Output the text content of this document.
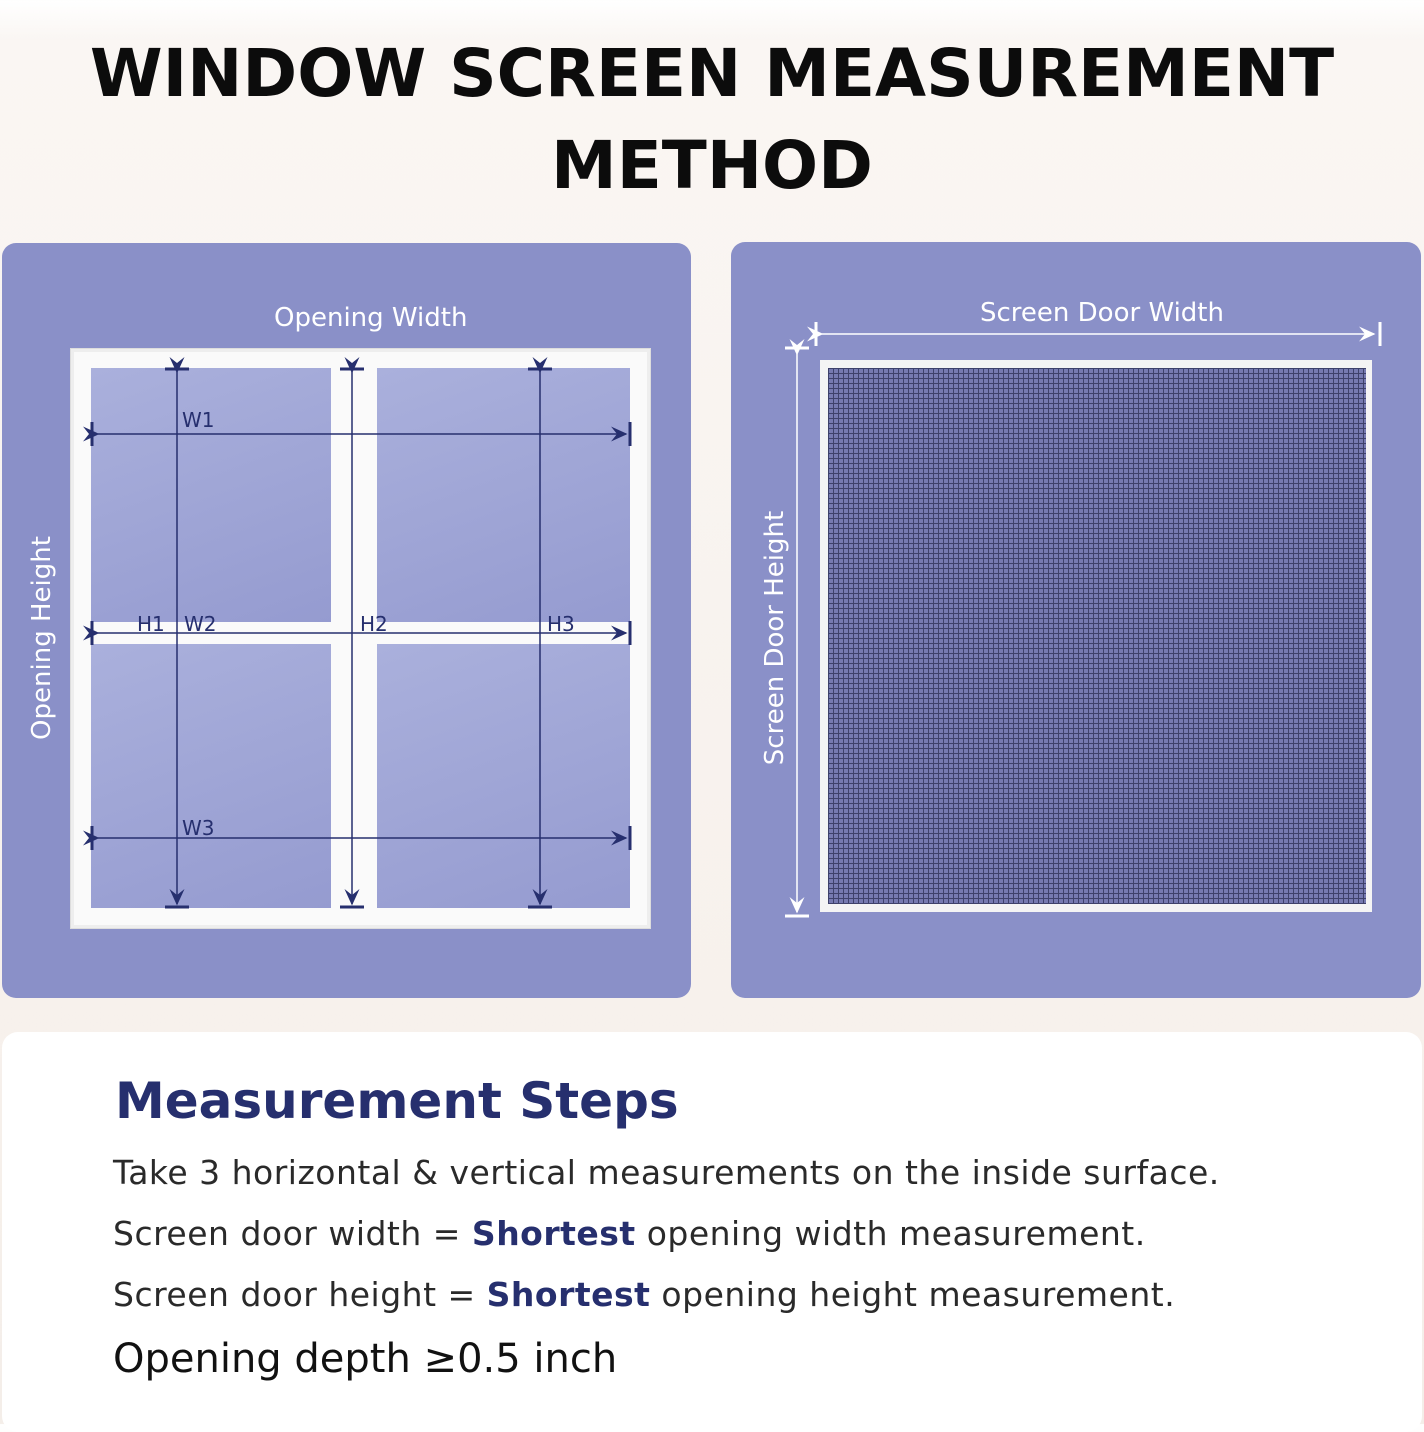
WINDOW SCREEN MEASUREMENT
METHOD
Opening Width
Opening Height
W1
H1 W2	H2	H3
W3
Screen Door Width
Screen Door Height
Measurement Steps
Take 3 horizontal & vertical measurements on the inside surface.
Screen door width = Shortest opening width measurement.
Screen door height = Shortest opening height measurement.
Opening depth ≥0.5 inch
